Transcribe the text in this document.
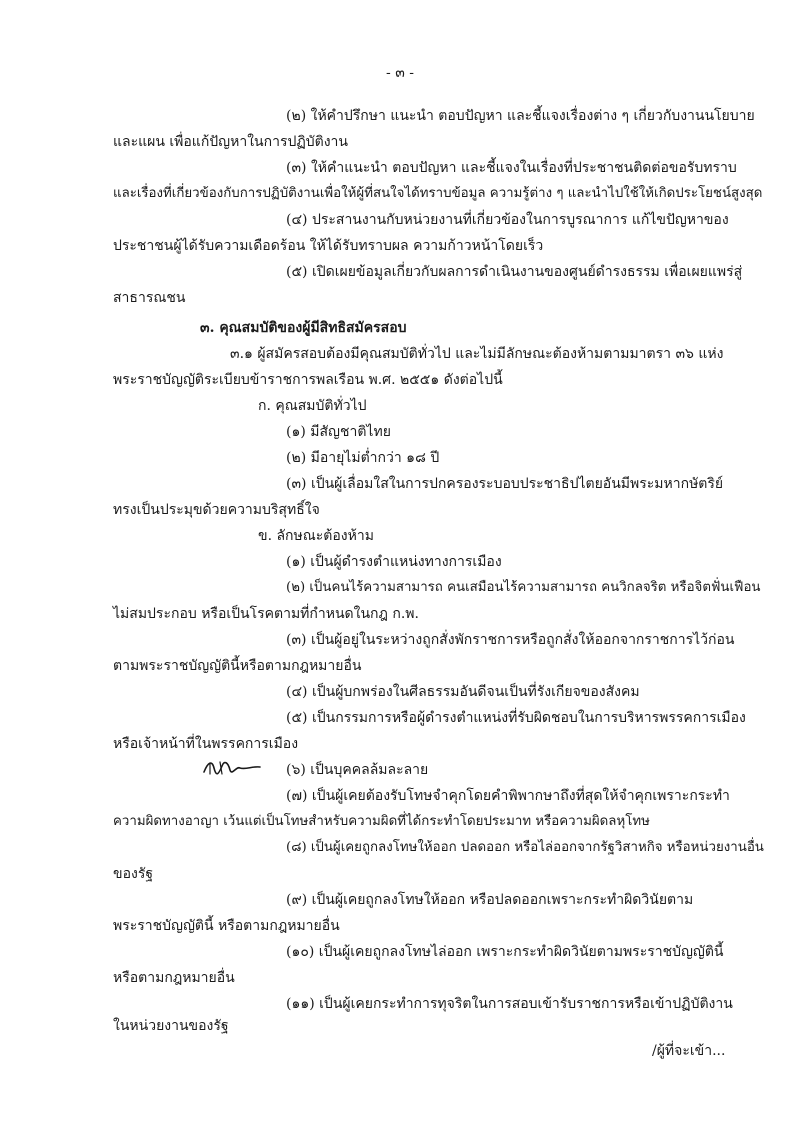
- ๓ -
(๒) ให้คำปรึกษา แนะนำ ตอบปัญหา และชี้แจงเรื่องต่าง ๆ เกี่ยวกับงานนโยบาย
และแผน เพื่อแก้ปัญหาในการปฏิบัติงาน
(๓) ให้คำแนะนำ ตอบปัญหา และชี้แจงในเรื่องที่ประชาชนติดต่อขอรับทราบ
และเรื่องที่เกี่ยวข้องกับการปฏิบัติงานเพื่อให้ผู้ที่สนใจได้ทราบข้อมูล ความรู้ต่าง ๆ และนำไปใช้ให้เกิดประโยชน์สูงสุด
(๔) ประสานงานกับหน่วยงานที่เกี่ยวข้องในการบูรณาการ แก้ไขปัญหาของ
ประชาชนผู้ได้รับความเดือดร้อน ให้ได้รับทราบผล ความก้าวหน้าโดยเร็ว
(๕) เปิดเผยข้อมูลเกี่ยวกับผลการดำเนินงานของศูนย์ดำรงธรรม เพื่อเผยแพร่สู่
สาธารณชน
๓. คุณสมบัติของผู้มีสิทธิสมัครสอบ
๓.๑ ผู้สมัครสอบต้องมีคุณสมบัติทั่วไป และไม่มีลักษณะต้องห้ามตามมาตรา ๓๖ แห่ง
พระราชบัญญัติระเบียบข้าราชการพลเรือน พ.ศ. ๒๕๕๑ ดังต่อไปนี้
ก. คุณสมบัติทั่วไป
(๑) มีสัญชาติไทย
(๒) มีอายุไม่ต่ำกว่า ๑๘ ปี
(๓) เป็นผู้เลื่อมใสในการปกครองระบอบประชาธิปไตยอันมีพระมหากษัตริย์
ทรงเป็นประมุขด้วยความบริสุทธิ์ใจ
ข. ลักษณะต้องห้าม
(๑) เป็นผู้ดำรงตำแหน่งทางการเมือง
(๒) เป็นคนไร้ความสามารถ คนเสมือนไร้ความสามารถ คนวิกลจริต หรือจิตฟั่นเฟือน
ไม่สมประกอบ หรือเป็นโรคตามที่กำหนดในกฎ ก.พ.
(๓) เป็นผู้อยู่ในระหว่างถูกสั่งพักราชการหรือถูกสั่งให้ออกจากราชการไว้ก่อน
ตามพระราชบัญญัตินี้หรือตามกฎหมายอื่น
(๔) เป็นผู้บกพร่องในศีลธรรมอันดีจนเป็นที่รังเกียจของสังคม
(๕) เป็นกรรมการหรือผู้ดำรงตำแหน่งที่รับผิดชอบในการบริหารพรรคการเมือง
หรือเจ้าหน้าที่ในพรรคการเมือง
(๖) เป็นบุคคลล้มละลาย
(๗) เป็นผู้เคยต้องรับโทษจำคุกโดยคำพิพากษาถึงที่สุดให้จำคุกเพราะกระทำ
ความผิดทางอาญา เว้นแต่เป็นโทษสำหรับความผิดที่ได้กระทำโดยประมาท หรือความผิดลหุโทษ
(๘) เป็นผู้เคยถูกลงโทษให้ออก ปลดออก หรือไล่ออกจากรัฐวิสาหกิจ หรือหน่วยงานอื่น
ของรัฐ
(๙) เป็นผู้เคยถูกลงโทษให้ออก หรือปลดออกเพราะกระทำผิดวินัยตาม
พระราชบัญญัตินี้ หรือตามกฎหมายอื่น
(๑๐) เป็นผู้เคยถูกลงโทษไล่ออก เพราะกระทำผิดวินัยตามพระราชบัญญัตินี้
หรือตามกฎหมายอื่น
(๑๑) เป็นผู้เคยกระทำการทุจริตในการสอบเข้ารับราชการหรือเข้าปฏิบัติงาน
ในหน่วยงานของรัฐ
/ผู้ที่จะเข้า...
